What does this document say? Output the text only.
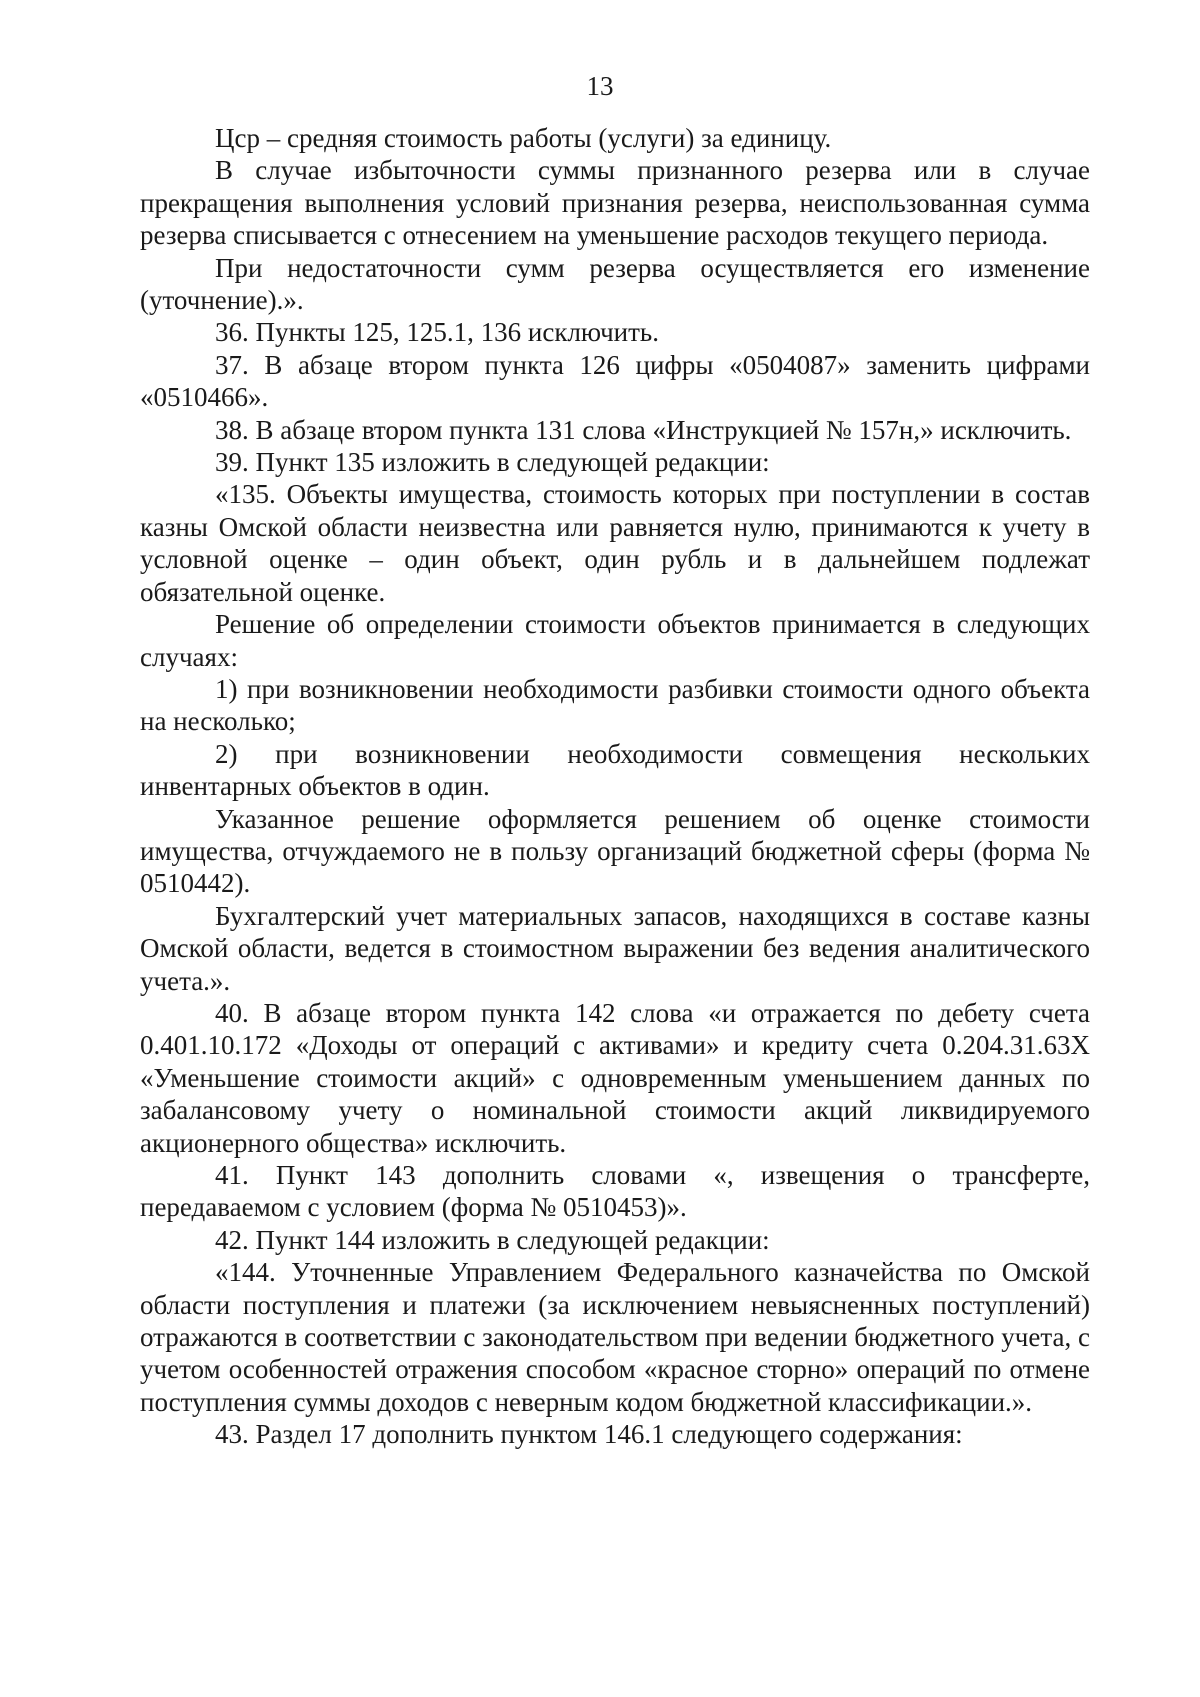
13

Цср – средняя стоимость работы (услуги) за единицу.

В случае избыточности суммы признанного резерва или в случае прекращения выполнения условий признания резерва, неиспользованная сумма резерва списывается с отнесением на уменьшение расходов текущего периода.

При недостаточности сумм резерва осуществляется его изменение (уточнение).».

36. Пункты 125, 125.1, 136 исключить.

37. В абзаце втором пункта 126 цифры «0504087» заменить цифрами «0510466».

38. В абзаце втором пункта 131 слова «Инструкцией № 157н,» исключить.

39. Пункт 135 изложить в следующей редакции:

«135. Объекты имущества, стоимость которых при поступлении в состав казны Омской области неизвестна или равняется нулю, принимаются к учету в условной оценке – один объект, один рубль и в дальнейшем подлежат обязательной оценке.

Решение об определении стоимости объектов принимается в следующих случаях:

1) при возникновении необходимости разбивки стоимости одного объекта на несколько;

2) при возникновении необходимости совмещения нескольких инвентарных объектов в один.

Указанное решение оформляется решением об оценке стоимости имущества, отчуждаемого не в пользу организаций бюджетной сферы (форма № 0510442).

Бухгалтерский учет материальных запасов, находящихся в составе казны Омской области, ведется в стоимостном выражении без ведения аналитического учета.».

40. В абзаце втором пункта 142 слова «и отражается по дебету счета 0.401.10.172 «Доходы от операций с активами» и кредиту счета 0.204.31.63Х «Уменьшение стоимости акций» с одновременным уменьшением данных по забалансовому учету о номинальной стоимости акций ликвидируемого акционерного общества» исключить.

41. Пункт 143 дополнить словами «, извещения о трансферте, передаваемом с условием (форма № 0510453)».

42. Пункт 144 изложить в следующей редакции:

«144. Уточненные Управлением Федерального казначейства по Омской области поступления и платежи (за исключением невыясненных поступлений) отражаются в соответствии с законодательством при ведении бюджетного учета, с учетом особенностей отражения способом «красное сторно» операций по отмене поступления суммы доходов с неверным кодом бюджетной классификации.».

43. Раздел 17 дополнить пунктом 146.1 следующего содержания:
